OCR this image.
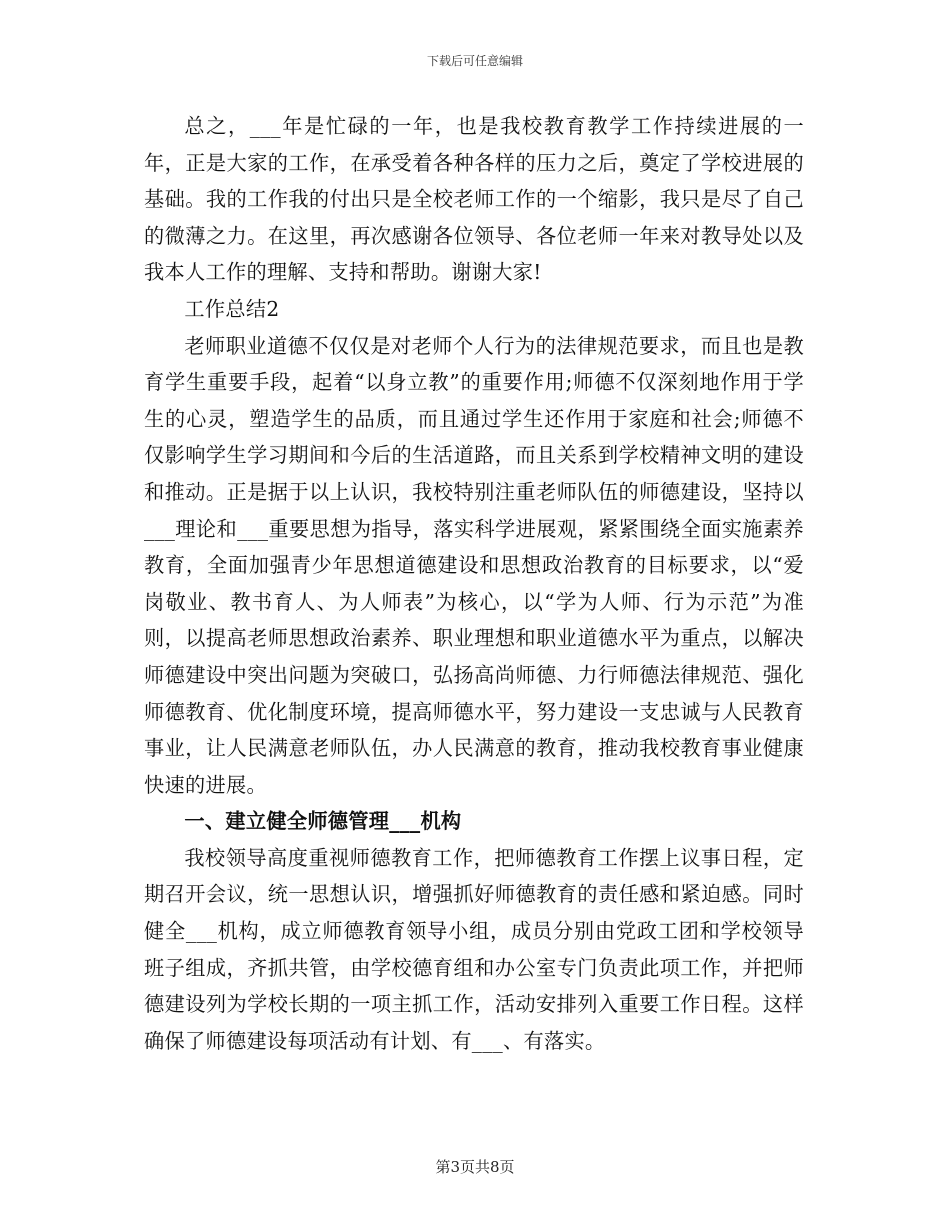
下载后可任意编辑

总之，___年是忙碌的一年，也是我校教育教学工作持续进展的一年，正是大家的工作，在承受着各种各样的压力之后，奠定了学校进展的基础。我的工作我的付出只是全校老师工作的一个缩影，我只是尽了自己的微薄之力。在这里，再次感谢各位领导、各位老师一年来对教导处以及我本人工作的理解、支持和帮助。谢谢大家!

工作总结2

老师职业道德不仅仅是对老师个人行为的法律规范要求，而且也是教育学生重要手段，起着“以身立教”的重要作用;师德不仅深刻地作用于学生的心灵，塑造学生的品质，而且通过学生还作用于家庭和社会;师德不仅影响学生学习期间和今后的生活道路，而且关系到学校精神文明的建设和推动。正是据于以上认识，我校特别注重老师队伍的师德建设，坚持以___理论和___重要思想为指导，落实科学进展观，紧紧围绕全面实施素养教育，全面加强青少年思想道德建设和思想政治教育的目标要求，以“爱岗敬业、教书育人、为人师表”为核心，以“学为人师、行为示范”为准则，以提高老师思想政治素养、职业理想和职业道德水平为重点，以解决师德建设中突出问题为突破口，弘扬高尚师德、力行师德法律规范、强化师德教育、优化制度环境，提高师德水平，努力建设一支忠诚与人民教育事业，让人民满意老师队伍，办人民满意的教育，推动我校教育事业健康快速的进展。

一、建立健全师德管理___机构

我校领导高度重视师德教育工作，把师德教育工作摆上议事日程，定期召开会议，统一思想认识，增强抓好师德教育的责任感和紧迫感。同时健全___机构，成立师德教育领导小组，成员分别由党政工团和学校领导班子组成，齐抓共管，由学校德育组和办公室专门负责此项工作，并把师德建设列为学校长期的一项主抓工作，活动安排列入重要工作日程。这样确保了师德建设每项活动有计划、有___、有落实。

第3页共8页
